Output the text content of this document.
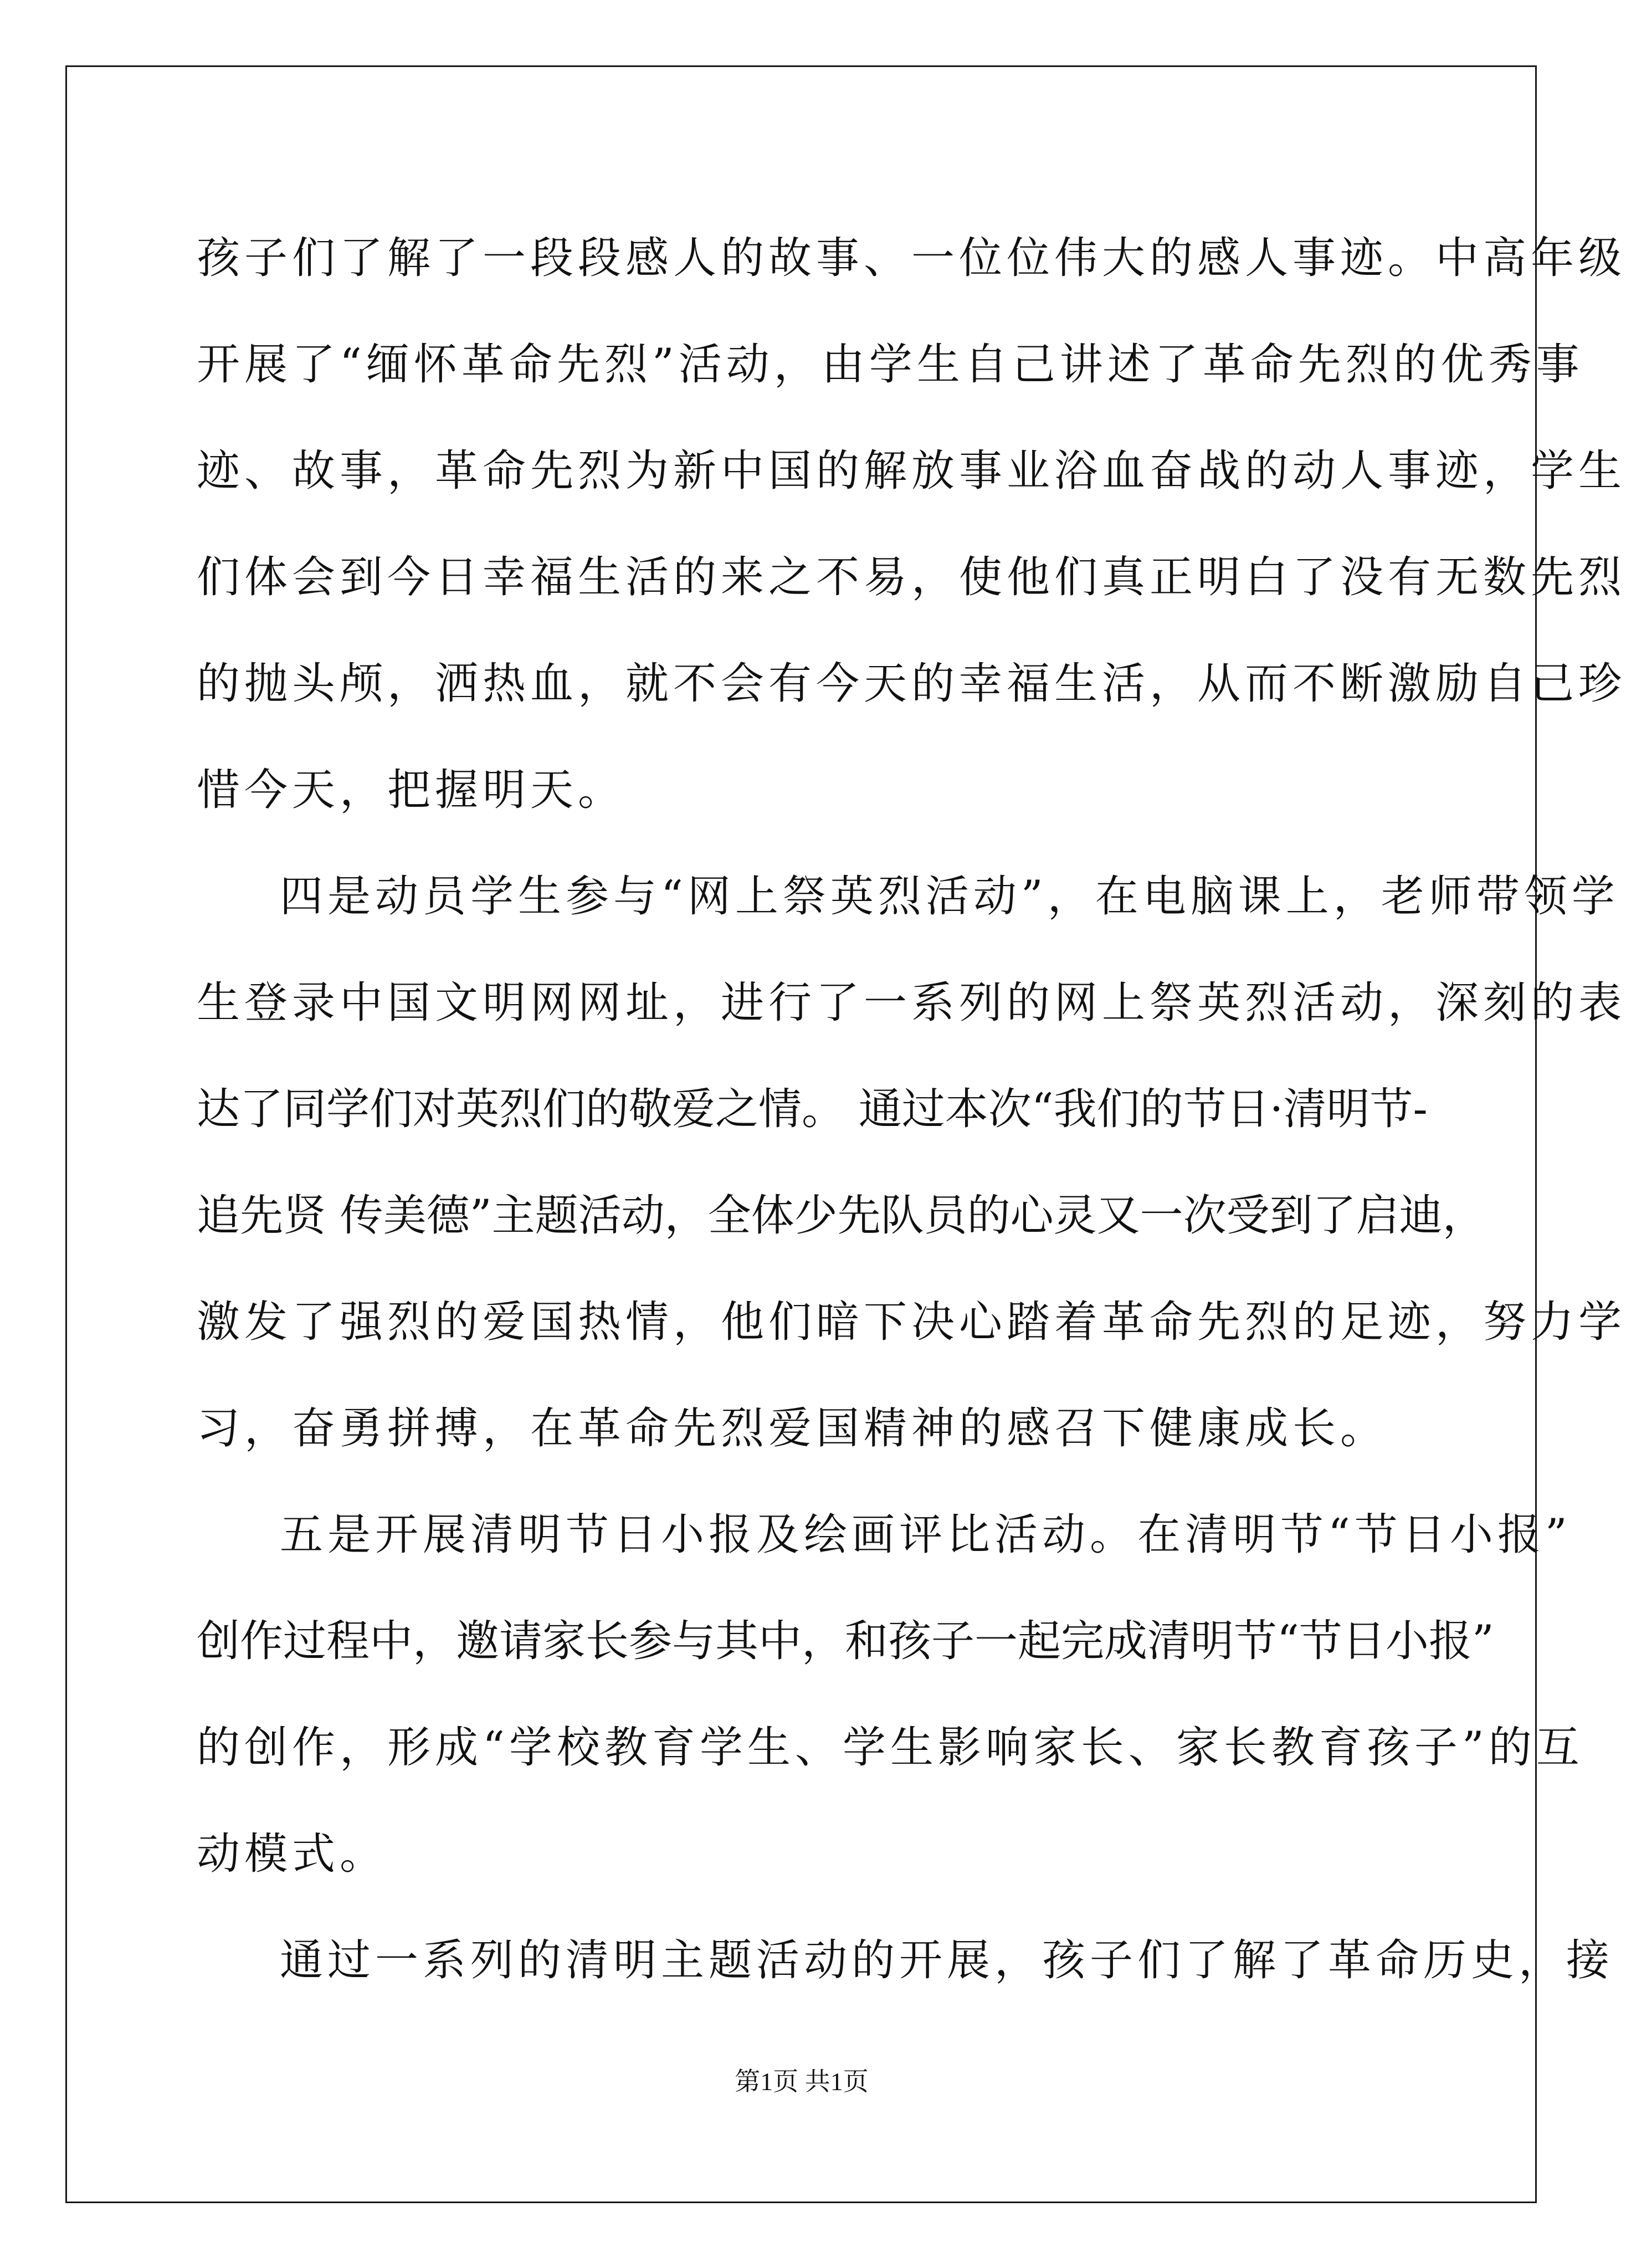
孩子们了解了一段段感人的故事、一位位伟大的感人事迹。中高年级
开展了“缅怀革命先烈”活动，由学生自己讲述了革命先烈的优秀事
迹、故事，革命先烈为新中国的解放事业浴血奋战的动人事迹，学生
们体会到今日幸福生活的来之不易，使他们真正明白了没有无数先烈
的抛头颅，洒热血，就不会有今天的幸福生活，从而不断激励自己珍
惜今天，把握明天。
四是动员学生参与“网上祭英烈活动”，在电脑课上，老师带领学
生登录中国文明网网址，进行了一系列的网上祭英烈活动，深刻的表
达了同学们对英烈们的敬爱之情。 通过本次“我们的节日·清明节-
追先贤 传美德”主题活动，全体少先队员的心灵又一次受到了启迪，
激发了强烈的爱国热情，他们暗下决心踏着革命先烈的足迹，努力学
习，奋勇拼搏，在革命先烈爱国精神的感召下健康成长。
五是开展清明节日小报及绘画评比活动。在清明节“节日小报”
创作过程中，邀请家长参与其中，和孩子一起完成清明节“节日小报”
的创作，形成“学校教育学生、学生影响家长、家长教育孩子”的互
动模式。
通过一系列的清明主题活动的开展，孩子们了解了革命历史，接
第1页 共1页
